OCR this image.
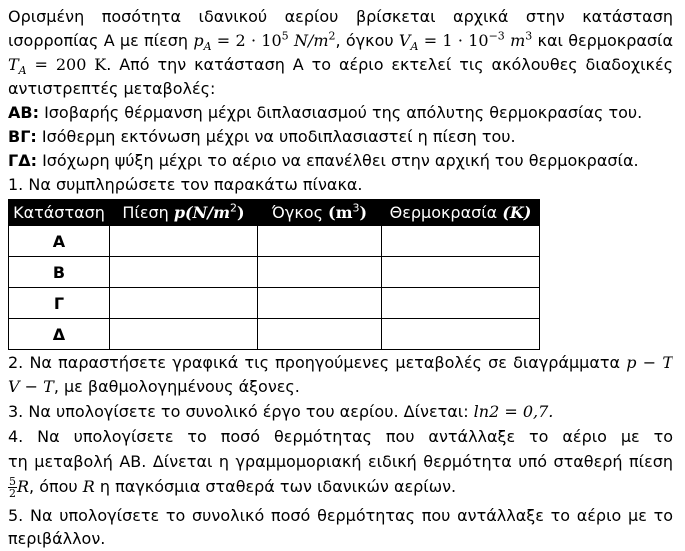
Ορισμένη ποσότητα ιδανικού αερίου βρίσκεται αρχικά στην κατάσταση
ισορροπίας Α με πίεση $p_A = 2 \cdot 10^5$ $N/m^2$, όγκου $V_A = 1 \cdot 10^{-3}$ $m^3$ και θερμοκρασία
$T_A = 200$ K. Από την κατάσταση Α το αέριο εκτελεί τις ακόλουθες διαδοχικές
αντιστρεπτές μεταβολές:
ΑΒ: Ισοβαρής θέρμανση μέχρι διπλασιασμού της απόλυτης θερμοκρασίας του.
ΒΓ: Ισόθερμη εκτόνωση μέχρι να υποδιπλασιαστεί η πίεση του.
ΓΔ: Ισόχωρη ψύξη μέχρι το αέριο να επανέλθει στην αρχική του θερμοκρασία.
1. Να συμπληρώσετε τον παρακάτω πίνακα.
Κατάσταση	Πίεση $p(N/m^2)$	Όγκος $(m^3)$	Θερμοκρασία (K)
Α			
Β			
Γ			
Δ			
2. Να παραστήσετε γραφικά τις προηγούμενες μεταβολές σε διαγράμματα p − T
V − T, με βαθμολογημένους άξονες.
3. Να υπολογίσετε το συνολικό έργο του αερίου. Δίνεται: ln2 = 0,7.
4. Να υπολογίσετε το ποσό θερμότητας που αντάλλαξε το αέριο με το
τη μεταβολή ΑΒ. Δίνεται η γραμμομοριακή ειδική θερμότητα υπό σταθερή πίεση
$\frac{5}{2} R$, όπου R η παγκόσμια σταθερά των ιδανικών αερίων.
5. Να υπολογίσετε το συνολικό ποσό θερμότητας που αντάλλαξε το αέριο με το
περιβάλλον.
